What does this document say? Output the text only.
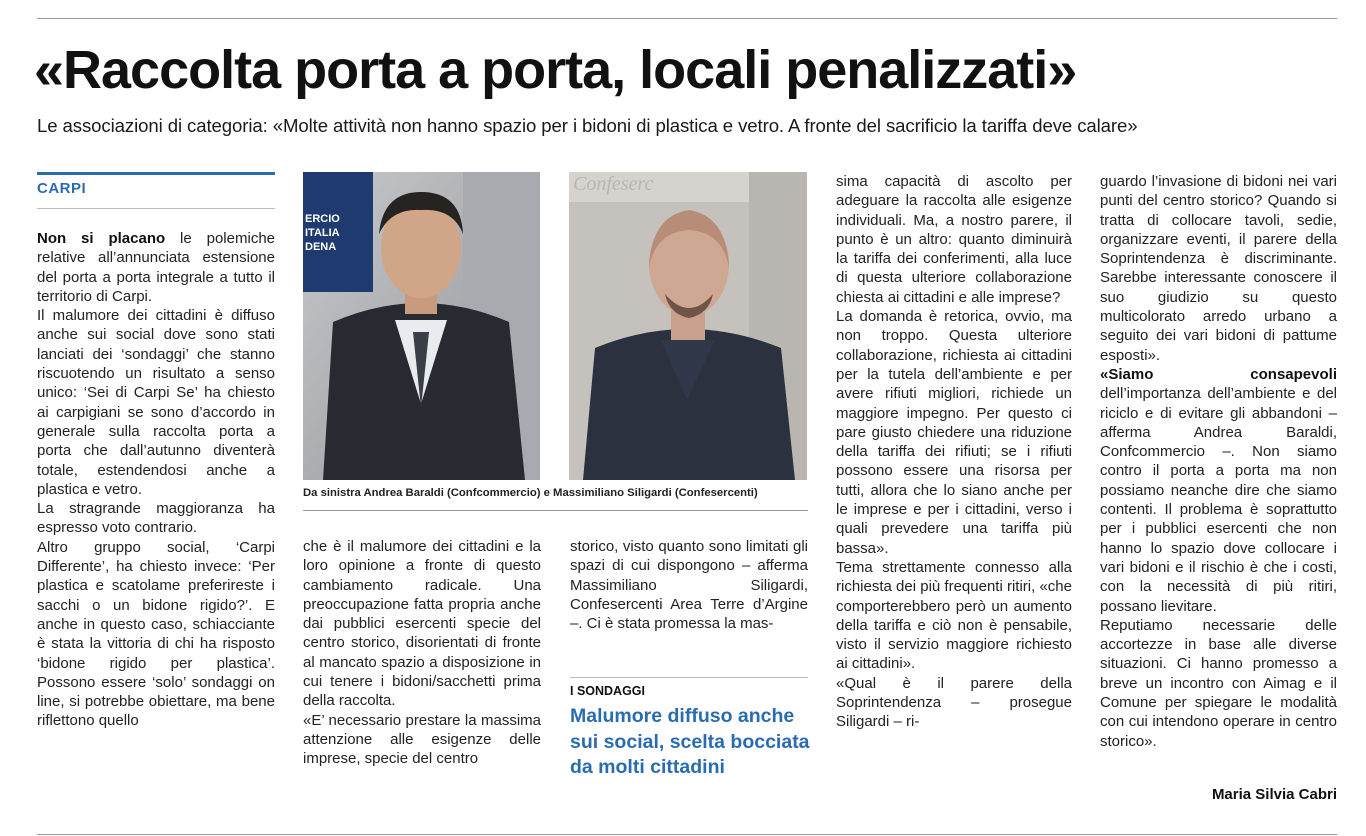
«Raccolta porta a porta, locali penalizzati»

Le associazioni di categoria: «Molte attività non hanno spazio per i bidoni di plastica e vetro. A fronte del sacrificio la tariffa deve calare»

CARPI

Non si placano le polemiche relative all’annunciata estensione del porta a porta integrale a tutto il territorio di Carpi.

Il malumore dei cittadini è diffuso anche sui social dove sono stati lanciati dei ‘sondaggi’ che stanno riscuotendo un risultato a senso unico: ‘Sei di Carpi Se’ ha chiesto ai carpigiani se sono d’accordo in generale sulla raccolta porta a porta che dall’autunno diventerà totale, estendendosi anche a plastica e vetro.

La stragrande maggioranza ha espresso voto contrario.

Altro gruppo social, ‘Carpi Differente’, ha chiesto invece: ‘Per plastica e scatolame preferireste i sacchi o un bidone rigido?’. E anche in questo caso, schiacciante è stata la vittoria di chi ha risposto ‘bidone rigido per plastica’. Possono essere ‘solo’ sondaggi on line, si potrebbe obiettare, ma bene riflettono quello

ERCIO
ITALIA
DENA
Confeserc

Da sinistra Andrea Baraldi (Confcommercio) e Massimiliano Siligardi (Confesercenti)

che è il malumore dei cittadini e la loro opinione a fronte di questo cambiamento radicale. Una preoccupazione fatta propria anche dai pubblici esercenti specie del centro storico, disorientati di fronte al mancato spazio a disposizione in cui tenere i bidoni/sacchetti prima della raccolta.

«E’ necessario prestare la massima attenzione alle esigenze delle imprese, specie del centro

storico, visto quanto sono limitati gli spazi di cui dispongono – afferma Massimiliano Siligardi, Confesercenti Area Terre d’Argine –. Ci è stata promessa la mas-

I SONDAGGI

Malumore diffuso anche sui social, scelta bocciata da molti cittadini

sima capacità di ascolto per adeguare la raccolta alle esigenze individuali. Ma, a nostro parere, il punto è un altro: quanto diminuirà la tariffa dei conferimenti, alla luce di questa ulteriore collaborazione chiesta ai cittadini e alle imprese?

La domanda è retorica, ovvio, ma non troppo. Questa ulteriore collaborazione, richiesta ai cittadini per la tutela dell’ambiente e per avere rifiuti migliori, richiede un maggiore impegno. Per questo ci pare giusto chiedere una riduzione della tariffa dei rifiuti; se i rifiuti possono essere una risorsa per tutti, allora che lo siano anche per le imprese e per i cittadini, verso i quali prevedere una tariffa più bassa».

Tema strettamente connesso alla richiesta dei più frequenti ritiri, «che comporterebbero però un aumento della tariffa e ciò non è pensabile, visto il servizio maggiore richiesto ai cittadini».

«Qual è il parere della Soprintendenza – prosegue Siligardi – ri-

guardo l’invasione di bidoni nei vari punti del centro storico? Quando si tratta di collocare tavoli, sedie, organizzare eventi, il parere della Soprintendenza è discriminante. Sarebbe interessante conoscere il suo giudizio su questo multicolorato arredo urbano a seguito dei vari bidoni di pattume esposti».

«Siamo consapevoli dell’importanza dell’ambiente e del riciclo e di evitare gli abbandoni – afferma Andrea Baraldi, Confcommercio –. Non siamo contro il porta a porta ma non possiamo neanche dire che siamo contenti. Il problema è soprattutto per i pubblici esercenti che non hanno lo spazio dove collocare i vari bidoni e il rischio è che i costi, con la necessità di più ritiri, possano lievitare.

Reputiamo necessarie delle accortezze in base alle diverse situazioni. Ci hanno promesso a breve un incontro con Aimag e il Comune per spiegare le modalità con cui intendono operare in centro storico».

Maria Silvia Cabri
